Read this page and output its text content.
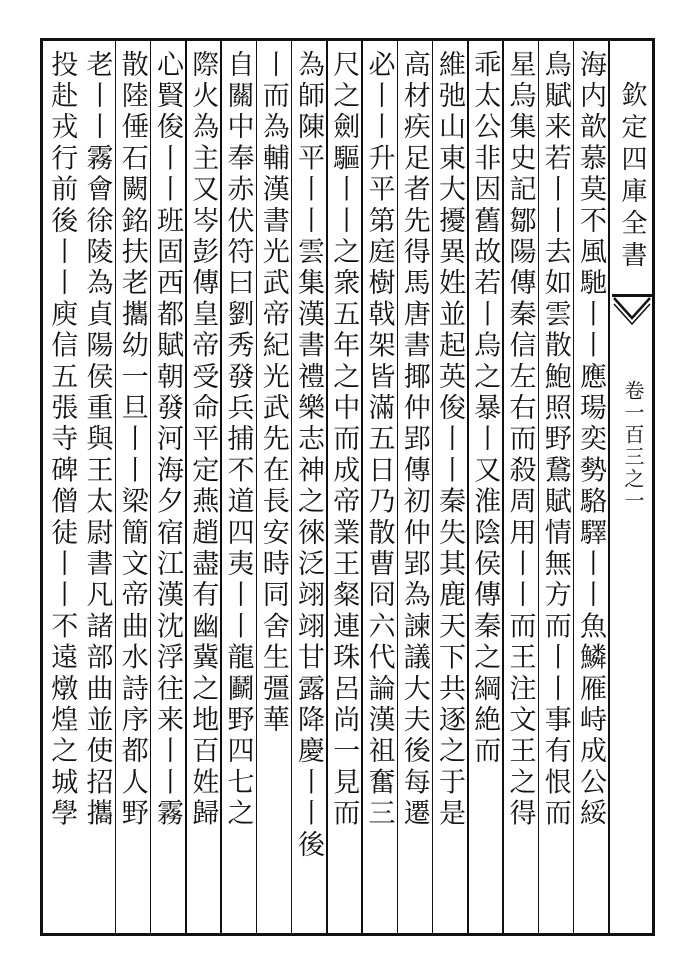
欽定四庫全書
卷一百三之一
海内歆慕莫不風馳丨丨應瑒奕勢駱驛丨丨魚鱗雁峙成公綏
鳥賦来若丨丨去如雲散鮑照野鵞賦情無方而丨丨事有恨而
星烏集史記鄒陽傳秦信左右而殺周用丨丨而王注文王之得
乖太公非因舊故若丨烏之暴丨又淮陰侯傳秦之綱絶而
維弛山東大擾異姓並起英俊丨丨秦失其鹿天下共逐之于是
高材疾足者先得馬唐書揶仲郢傳初仲郢為諫議大夫後每遷
必丨丨升平第庭樹戟架皆滿五日乃散曹冏六代論漢祖奮三
尺之劍驅丨丨之衆五年之中而成帝業王粲連珠呂尚一見而
為師陳平丨丨雲集漢書禮樂志神之徠泛翊翊甘露降慶丨丨後
丨而為輔漢書光武帝紀光武先在長安時同舍生彊華
自關中奉赤伏符曰劉秀發兵捕不道四夷丨丨龍鬬野四七之
際火為主又岑彭傳皇帝受命平定燕趙盡有幽冀之地百姓歸
心賢俊丨丨班固西都賦朝發河海夕宿江漢沈浮往来丨丨霧
散陸倕石闕銘扶老攜幼一旦丨丨梁簡文帝曲水詩序都人野
老丨丨霧會徐陵為貞陽侯重與王太尉書凡諸部曲並使招攜
投赴戎行前後丨丨庾信五張寺碑僧徒丨丨不遠燉煌之城學
